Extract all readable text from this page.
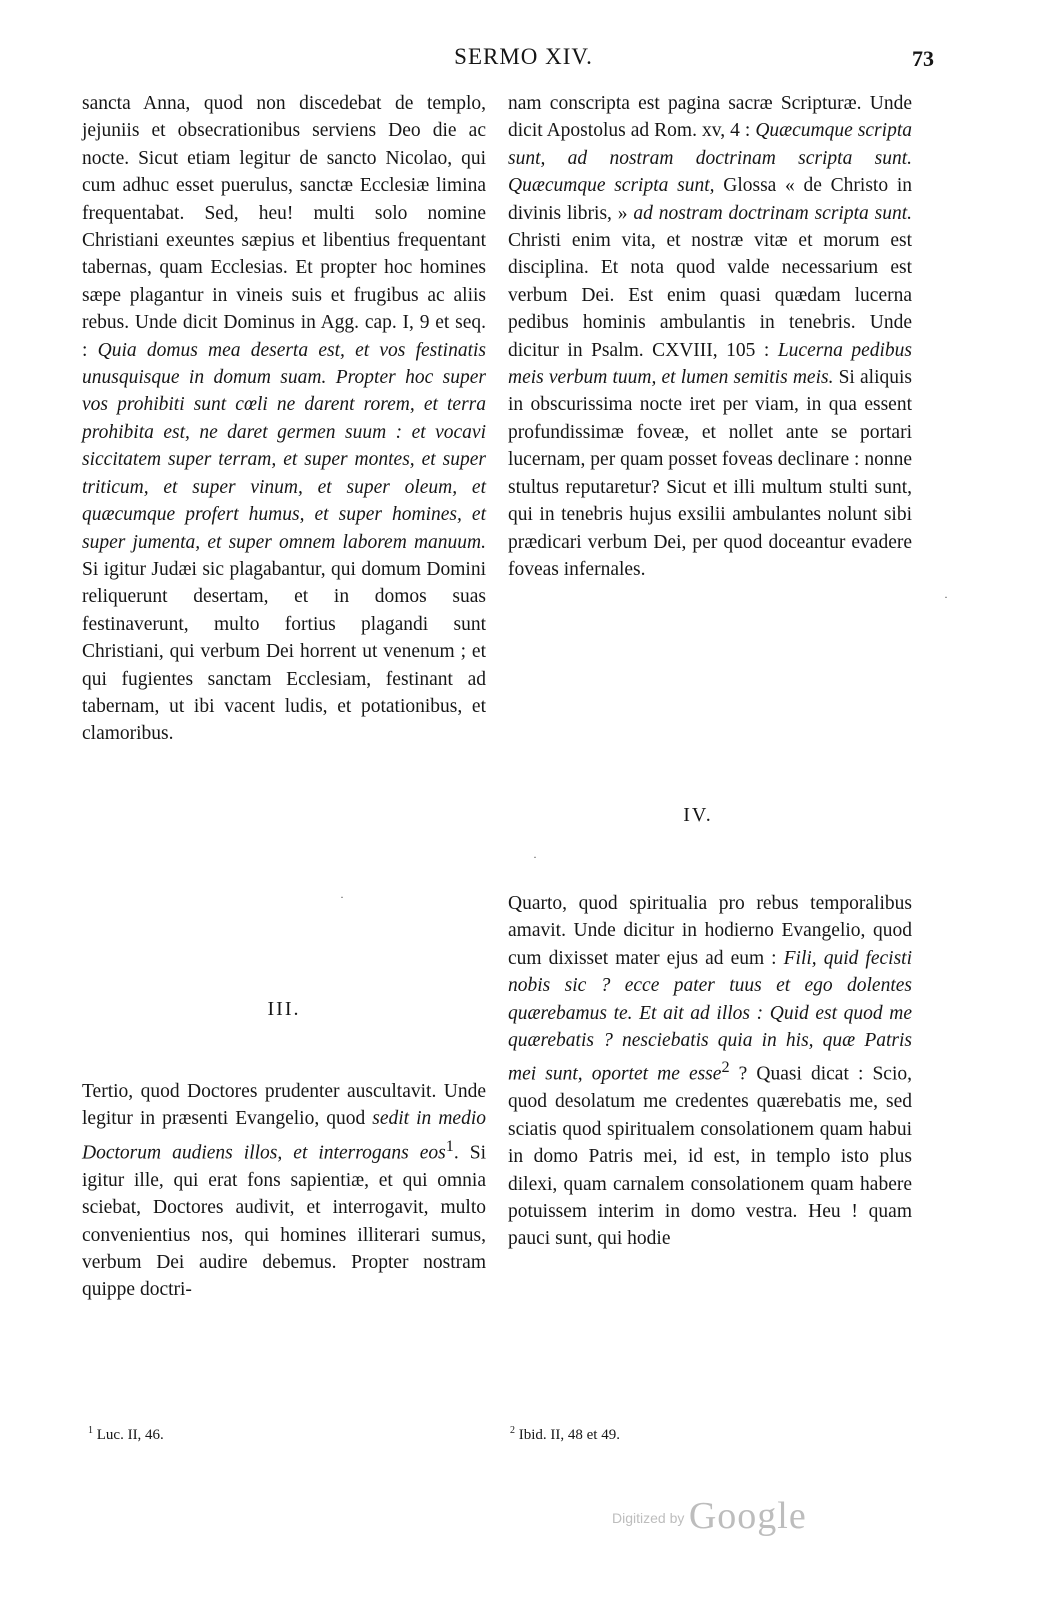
SERMO XIV.	73

sancta Anna, quod non discedebat de templo, jejuniis et obsecrationibus serviens Deo die ac nocte. Sicut etiam legitur de sancto Nicolao, qui cum adhuc esset puerulus, sanctæ Ecclesiæ limina frequentabat. Sed, heu! multi solo nomine Christiani exeuntes sæpius et libentius frequentant tabernas, quam Ecclesias. Et propter hoc homines sæpe plagantur in vineis suis et frugibus ac aliis rebus. Unde dicit Dominus in Agg. cap. I, 9 et seq. : Quia domus mea deserta est, et vos festinatis unusquisque in domum suam. Propter hoc super vos prohibiti sunt cœli ne darent rorem, et terra prohibita est, ne daret germen suum : et vocavi siccitatem super terram, et super montes, et super triticum, et super vinum, et super oleum, et quæcumque profert humus, et super homines, et super jumenta, et super omnem laborem manuum. Si igitur Judæi sic plagabantur, qui domum Domini reliquerunt desertam, et in domos suas festinaverunt, multo fortius plagandi sunt Christiani, qui verbum Dei horrent ut venenum ; et qui fugientes sanctam Ecclesiam, festinant ad tabernam, ut ibi vacent ludis, et potationibus, et clamoribus.

III.

Tertio, quod Doctores prudenter auscultavit. Unde legitur in præsenti Evangelio, quod sedit in medio Doctorum audiens illos, et interrogans eos$^1$. Si igitur ille, qui erat fons sapientiæ, et qui omnia sciebat, Doctores audivit, et interrogavit, multo convenientius nos, qui homines illiterari sumus, verbum Dei audire debemus. Propter nostram quippe doctri-

$^1$ Luc. II, 46.

nam conscripta est pagina sacræ Scripturæ. Unde dicit Apostolus ad Rom. xv, 4 : Quæcumque scripta sunt, ad nostram doctrinam scripta sunt. Quæcumque scripta sunt, Glossa « de Christo in divinis libris, » ad nostram doctrinam scripta sunt. Christi enim vita, et nostræ vitæ et morum est disciplina. Et nota quod valde necessarium est verbum Dei. Est enim quasi quædam lucerna pedibus hominis ambulantis in tenebris. Unde dicitur in Psalm. CXVIII, 105 : Lucerna pedibus meis verbum tuum, et lumen semitis meis. Si aliquis in obscurissima nocte iret per viam, in qua essent profundissimæ foveæ, et nollet ante se portari lucernam, per quam posset foveas declinare : nonne stultus reputaretur? Sicut et illi multum stulti sunt, qui in tenebris hujus exsilii ambulantes nolunt sibi prædicari verbum Dei, per quod doceantur evadere foveas infernales.

IV.

Quarto, quod spiritualia pro rebus temporalibus amavit. Unde dicitur in hodierno Evangelio, quod cum dixisset mater ejus ad eum : Fili, quid fecisti nobis sic ? ecce pater tuus et ego dolentes quærebamus te. Et ait ad illos : Quid est quod me quærebatis ? nesciebatis quia in his, quæ Patris mei sunt, oportet me esse$^2$ ? Quasi dicat : Scio, quod desolatum me credentes quærebatis me, sed sciatis quod spiritualem consolationem quam habui in domo Patris mei, id est, in templo isto plus dilexi, quam carnalem consolationem quam habere potuissem interim in domo vestra. Heu ! quam pauci sunt, qui hodie

$^2$ Ibid. II, 48 et 49.
·
·
·
Digitized by Google
